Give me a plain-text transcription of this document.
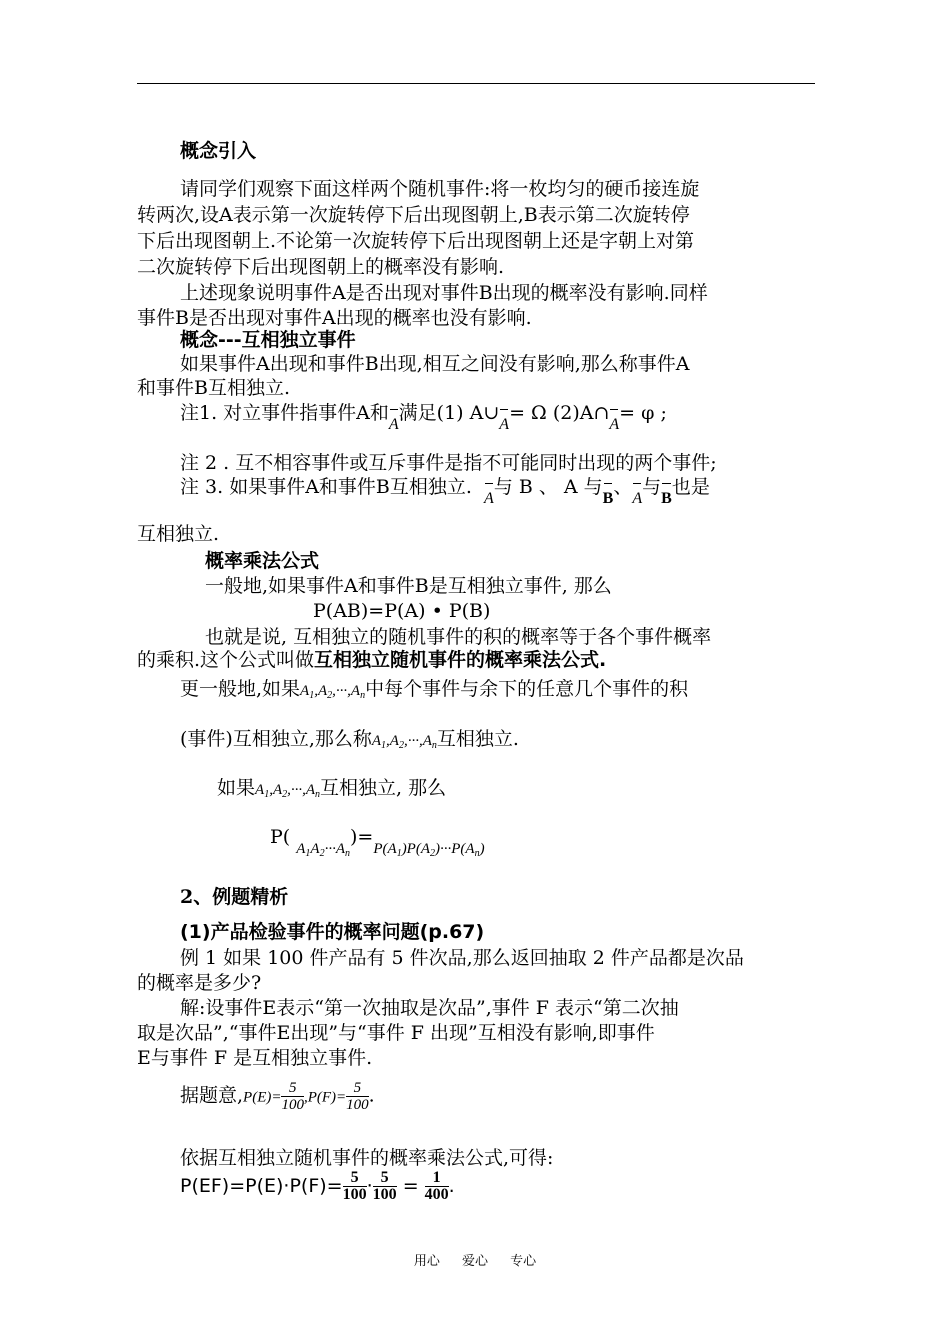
概念引入
请同学们观察下面这样两个随机事件:将一枚均匀的硬币接连旋
转两次,设A表示第一次旋转停下后出现图朝上,B表示第二次旋转停
下后出现图朝上.不论第一次旋转停下后出现图朝上还是字朝上对第
二次旋转停下后出现图朝上的概率没有影响.
上述现象说明事件A是否出现对事件B出现的概率没有影响.同样
事件B是否出现对事件A出现的概率也没有影响.
概念---互相独立事件
如果事件A出现和事件B出现,相互之间没有影响,那么称事件A
和事件B互相独立.
注1. 对立事件指事件A和A满足(1) A∪A= Ω (2)A∩A= φ ;
注 2 . 互不相容事件或互斥事件是指不可能同时出现的两个事件;
注 3. 如果事件A和事件B互相独立.  A与 B 、 A 与B、A与B也是
互相独立.
概率乘法公式
一般地,如果事件A和事件B是互相独立事件, 那么
P(AB)=P(A) • P(B)
也就是说, 互相独立的随机事件的积的概率等于各个事件概率
的乘积.这个公式叫做互相独立随机事件的概率乘法公式.
更一般地,如果$A_1,A_2,\cdot\cdot\cdot,A_n$中每个事件与余下的任意几个事件的积
(事件)互相独立,那么称$A_1,A_2,\cdot\cdot\cdot,A_n$互相独立.
如果$A_1,A_2,\cdot\cdot\cdot,A_n$互相独立, 那么
P( $_{A_1A_2\cdot\cdot\cdot A_n})=_{P(A_1)P(A_2)\cdot\cdot\cdot P(A_n)}$
2、例题精析
(1)产品检验事件的概率问题(p.67)
例 1 如果 100 件产品有 5 件次品,那么返回抽取 2 件产品都是次品
的概率是多少?
解:设事件E表示“第一次抽取是次品”,事件 F 表示“第二次抽
取是次品”,“事件E出现”与“事件 F 出现”互相没有影响,即事件
E与事件 F 是互相独立事件.
据题意$,P(E)= \frac{5}{100} ,P(F)= \frac{5}{100}$ .
依据互相独立随机事件的概率乘法公式,可得:
$P(EF)=P(E)\cdot P(F)= \frac{5}{100} \cdot \frac{5}{100} = \frac{1}{400}$ .
用心 爱心 专心
